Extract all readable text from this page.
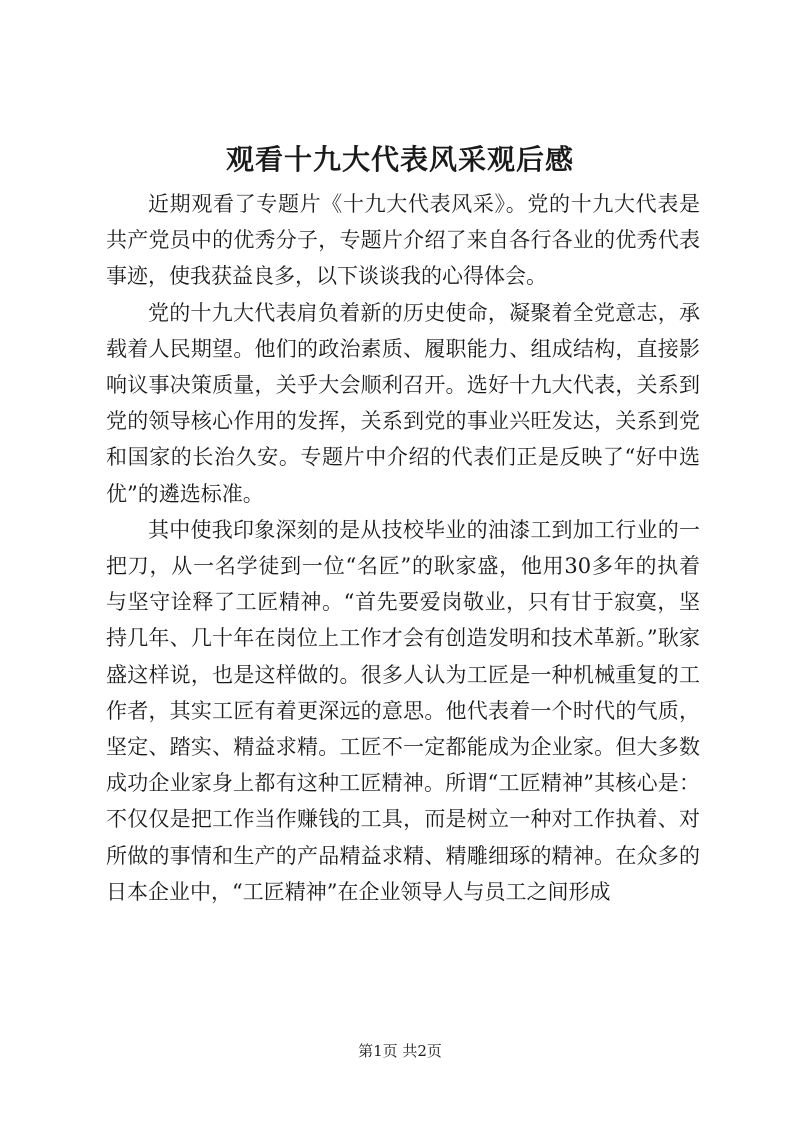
观看十九大代表风采观后感

近期观看了专题片《十九大代表风采》。党的十九大代表是共产党员中的优秀分子，专题片介绍了来自各行各业的优秀代表事迹，使我获益良多，以下谈谈我的心得体会。

党的十九大代表肩负着新的历史使命，凝聚着全党意志，承载着人民期望。他们的政治素质、履职能力、组成结构，直接影响议事决策质量，关乎大会顺利召开。选好十九大代表，关系到党的领导核心作用的发挥，关系到党的事业兴旺发达，关系到党和国家的长治久安。专题片中介绍的代表们正是反映了“好中选优”的遴选标准。

其中使我印象深刻的是从技校毕业的油漆工到加工行业的一把刀，从一名学徒到一位“名匠”的耿家盛，他用30多年的执着与坚守诠释了工匠精神。“首先要爱岗敬业，只有甘于寂寞，坚持几年、几十年在岗位上工作才会有创造发明和技术革新。”耿家盛这样说，也是这样做的。很多人认为工匠是一种机械重复的工作者，其实工匠有着更深远的意思。他代表着一个时代的气质，坚定、踏实、精益求精。工匠不一定都能成为企业家。但大多数成功企业家身上都有这种工匠精神。所谓“工匠精神”其核心是：不仅仅是把工作当作赚钱的工具，而是树立一种对工作执着、对所做的事情和生产的产品精益求精、精雕细琢的精神。在众多的日本企业中，“工匠精神”在企业领导人与员工之间形成

第1页 共2页
